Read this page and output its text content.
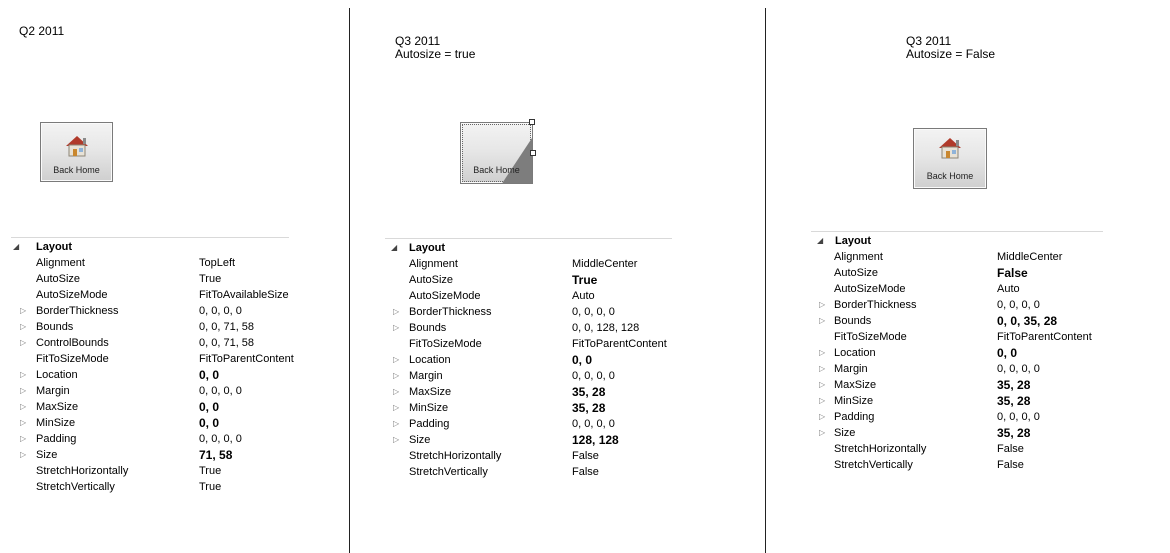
Q2 2011
Back Home
◢ Layout
Alignment	TopLeft
AutoSize	True
AutoSizeMode	FitToAvailableSize
▷ BorderThickness	0, 0, 0, 0
▷ Bounds	0, 0, 71, 58
▷ ControlBounds	0, 0, 71, 58
FitToSizeMode	FitToParentContent
▷ Location	0, 0
▷ Margin	0, 0, 0, 0
▷ MaxSize	0, 0
▷ MinSize	0, 0
▷ Padding	0, 0, 0, 0
▷ Size	71, 58
StretchHorizontally	True
StretchVertically	True
Q3 2011
Autosize = true
Back Home
◢ Layout
Alignment	MiddleCenter
AutoSize	True
AutoSizeMode	Auto
▷ BorderThickness	0, 0, 0, 0
▷ Bounds	0, 0, 128, 128
FitToSizeMode	FitToParentContent
▷ Location	0, 0
▷ Margin	0, 0, 0, 0
▷ MaxSize	35, 28
▷ MinSize	35, 28
▷ Padding	0, 0, 0, 0
▷ Size	128, 128
StretchHorizontally	False
StretchVertically	False
Q3 2011
Autosize = False
Back Home
◢ Layout
Alignment	MiddleCenter
AutoSize	False
AutoSizeMode	Auto
▷ BorderThickness	0, 0, 0, 0
▷ Bounds	0, 0, 35, 28
FitToSizeMode	FitToParentContent
▷ Location	0, 0
▷ Margin	0, 0, 0, 0
▷ MaxSize	35, 28
▷ MinSize	35, 28
▷ Padding	0, 0, 0, 0
▷ Size	35, 28
StretchHorizontally	False
StretchVertically	False
